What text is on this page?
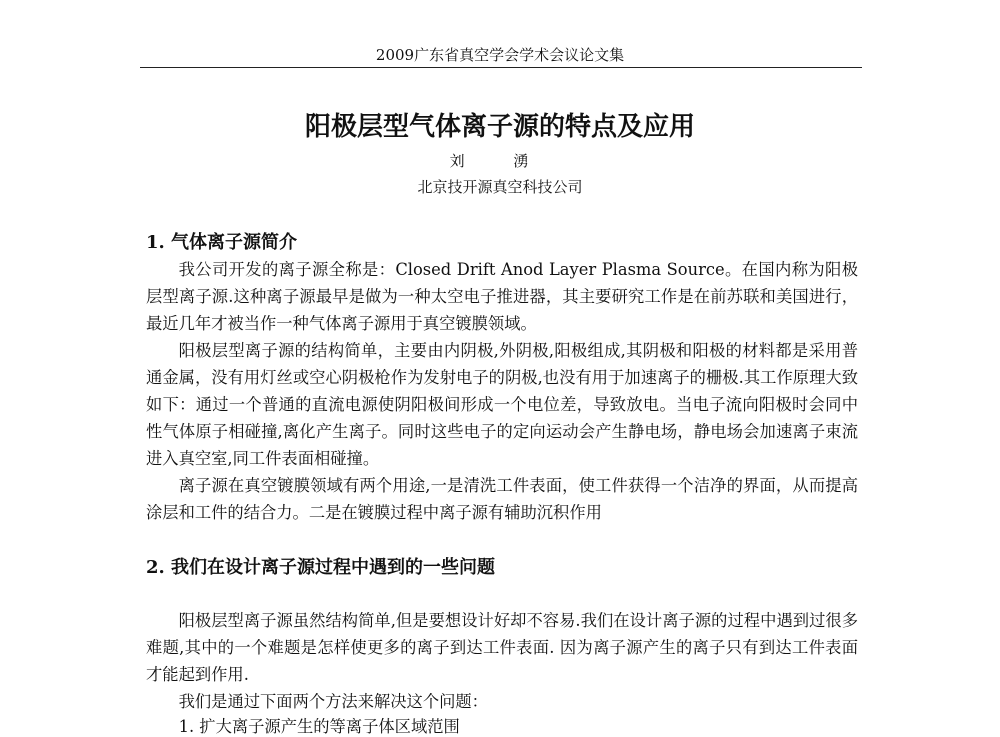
2009广东省真空学会学术会议论文集
阳极层型气体离子源的特点及应用
刘 湧
北京技开源真空科技公司
1. 气体离子源简介
我公司开发的离子源全称是：Closed Drift Anod Layer Plasma Source。在国内称为阳极层型离子源.这种离子源最早是做为一种太空电子推进器，其主要研究工作是在前苏联和美国进行，最近几年才被当作一种气体离子源用于真空镀膜领域。
阳极层型离子源的结构简单，主要由内阴极,外阴极,阳极组成,其阴极和阳极的材料都是采用普通金属，没有用灯丝或空心阴极枪作为发射电子的阴极,也没有用于加速离子的栅极.其工作原理大致如下：通过一个普通的直流电源使阴阳极间形成一个电位差，导致放电。当电子流向阳极时会同中性气体原子相碰撞,离化产生离子。同时这些电子的定向运动会产生静电场，静电场会加速离子束流进入真空室,同工件表面相碰撞。
离子源在真空镀膜领域有两个用途,一是清洗工件表面，使工件获得一个洁净的界面，从而提高涂层和工件的结合力。二是在镀膜过程中离子源有辅助沉积作用
2. 我们在设计离子源过程中遇到的一些问题
阳极层型离子源虽然结构简单,但是要想设计好却不容易.我们在设计离子源的过程中遇到过很多难题,其中的一个难题是怎样使更多的离子到达工件表面. 因为离子源产生的离子只有到达工件表面才能起到作用.
我们是通过下面两个方法来解决这个问题：
1. 扩大离子源产生的等离子体区域范围
